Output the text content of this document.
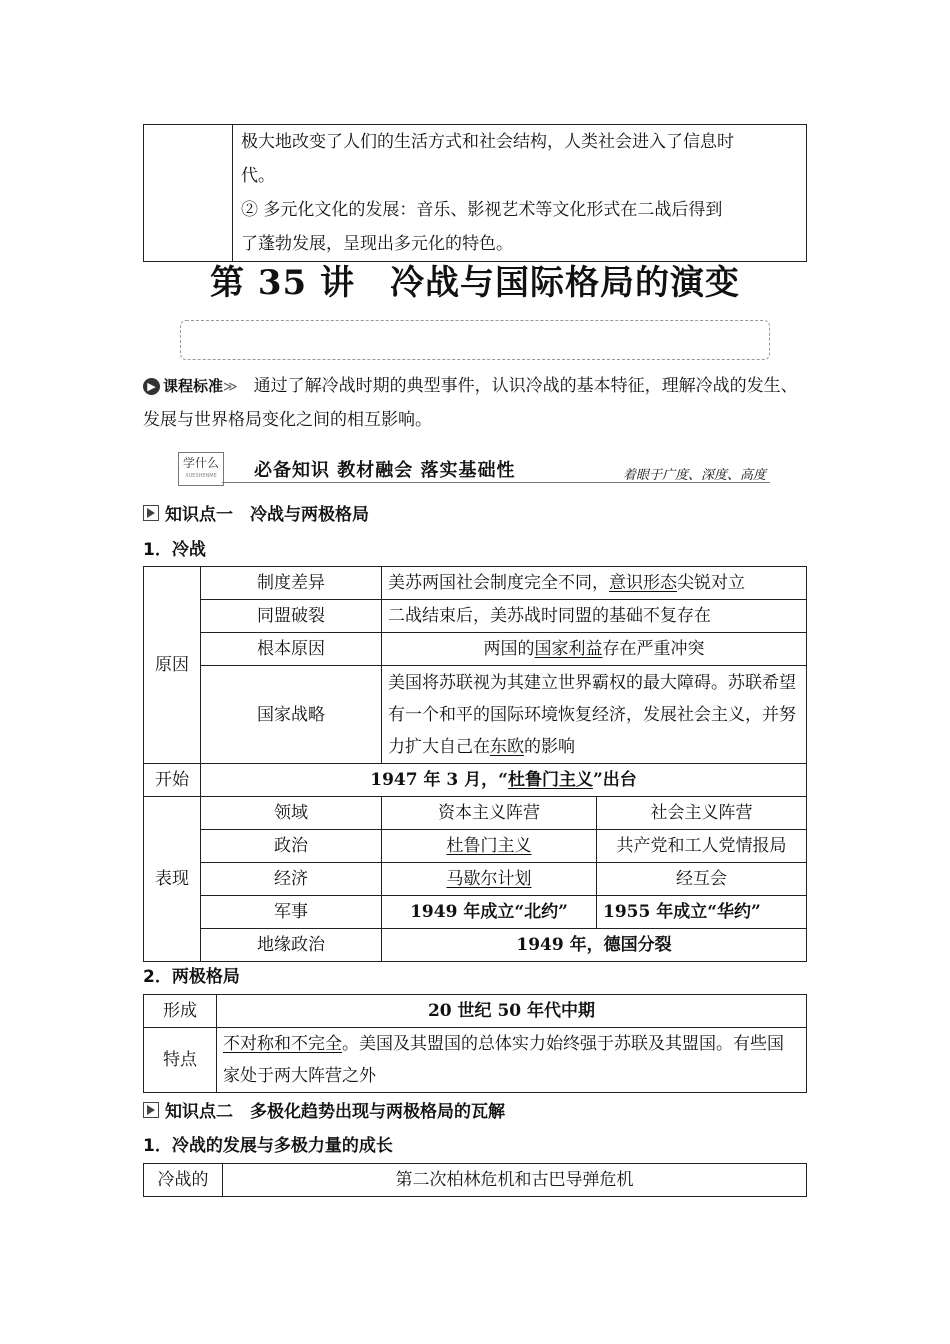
极大地改变了人们的生活方式和社会结构，人类社会进入了信息时
代。
② 多元化文化的发展：音乐、影视艺术等文化形式在二战后得到
了蓬勃发展，呈现出多元化的特色。
第 35 讲　冷战与国际格局的演变
▶ 课程标准≫ 通过了解冷战时期的典型事件，认识冷战的基本特征，理解冷战的发生、发展与世界格局变化之间的相互影响。
学什么
XUESHENME	必备知识 教材融会 落实基础性	着眼于广度、深度、高度
知识点一　冷战与两极格局
1．冷战
原因	制度差异	美苏两国社会制度完全不同，意识形态尖锐对立	
	同盟破裂	二战结束后，美苏战时同盟的基础不复存在	
	根本原因	两国的国家利益存在严重冲突	
	国家战略	美国将苏联视为其建立世界霸权的最大障碍。苏联希望有一个和平的国际环境恢复经济，发展社会主义，并努力扩大自己在东欧的影响	
开始	1947 年 3 月，“杜鲁门主义”出台		
表现	领域	资本主义阵营	社会主义阵营
	政治	杜鲁门主义	共产党和工人党情报局
	经济	马歇尔计划	经互会
	军事	1949 年成立“北约”	1955 年成立“华约”
	地缘政治	1949 年，德国分裂	
2．两极格局
形成	20 世纪 50 年代中期
特点	不对称和不完全。美国及其盟国的总体实力始终强于苏联及其盟国。有些国家处于两大阵营之外
知识点二　多极化趋势出现与两极格局的瓦解
1．冷战的发展与多极力量的成长
冷战的	第二次柏林危机和古巴导弹危机
